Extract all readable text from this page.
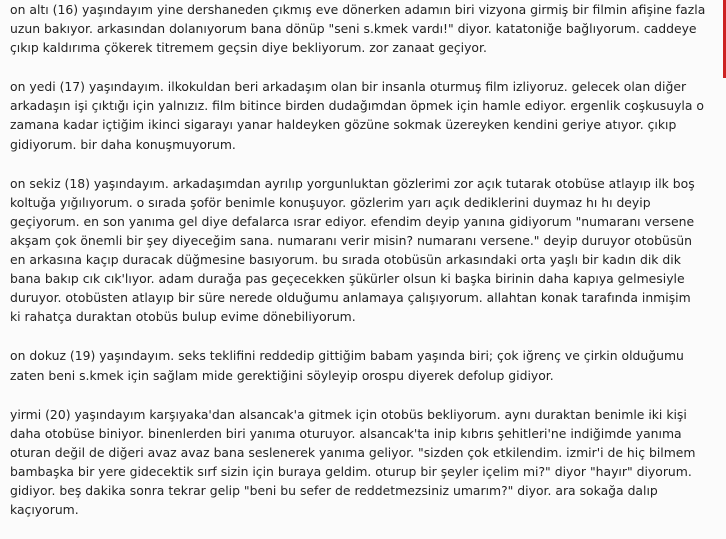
on altı (16) yaşındayım yine dershaneden çıkmış eve dönerken adamın biri vizyona girmiş bir filmin afişine fazla
uzun bakıyor. arkasından dolanıyorum bana dönüp "seni s.kmek vardı!" diyor. katatoniğe bağlıyorum. caddeye
çıkıp kaldırıma çökerek titremem geçsin diye bekliyorum. zor zanaat geçiyor.
on yedi (17) yaşındayım. ilkokuldan beri arkadaşım olan bir insanla oturmuş film izliyoruz. gelecek olan diğer
arkadaşın işi çıktığı için yalnızız. film bitince birden dudağımdan öpmek için hamle ediyor. ergenlik coşkusuyla o
zamana kadar içtiğim ikinci sigarayı yanar haldeyken gözüne sokmak üzereyken kendini geriye atıyor. çıkıp
gidiyorum. bir daha konuşmuyorum.
on sekiz (18) yaşındayım. arkadaşımdan ayrılıp yorgunluktan gözlerimi zor açık tutarak otobüse atlayıp ilk boş
koltuğa yığılıyorum. o sırada şoför benimle konuşuyor. gözlerim yarı açık dediklerini duymaz hı hı deyip
geçiyorum. en son yanıma gel diye defalarca ısrar ediyor. efendim deyip yanına gidiyorum "numaranı versene
akşam çok önemli bir şey diyeceğim sana. numaranı verir misin? numaranı versene." deyip duruyor otobüsün
en arkasına kaçıp duracak düğmesine basıyorum. bu sırada otobüsün arkasındaki orta yaşlı bir kadın dik dik
bana bakıp cık cık'lıyor. adam durağa pas geçecekken şükürler olsun ki başka birinin daha kapıya gelmesiyle
duruyor. otobüsten atlayıp bir süre nerede olduğumu anlamaya çalışıyorum. allahtan konak tarafında inmişim
ki rahatça duraktan otobüs bulup evime dönebiliyorum.
on dokuz (19) yaşındayım. seks teklifini reddedip gittiğim babam yaşında biri; çok iğrenç ve çirkin olduğumu
zaten beni s.kmek için sağlam mide gerektiğini söyleyip orospu diyerek defolup gidiyor.
yirmi (20) yaşındayım karşıyaka'dan alsancak'a gitmek için otobüs bekliyorum. aynı duraktan benimle iki kişi
daha otobüse biniyor. binenlerden biri yanıma oturuyor. alsancak'ta inip kıbrıs şehitleri'ne indiğimde yanıma
oturan değil de diğeri avaz avaz bana seslenerek yanıma geliyor. "sizden çok etkilendim. izmir'i de hiç bilmem
bambaşka bir yere gidecektik sırf sizin için buraya geldim. oturup bir şeyler içelim mi?" diyor "hayır" diyorum.
gidiyor. beş dakika sonra tekrar gelip "beni bu sefer de reddetmezsiniz umarım?" diyor. ara sokağa dalıp
kaçıyorum.
